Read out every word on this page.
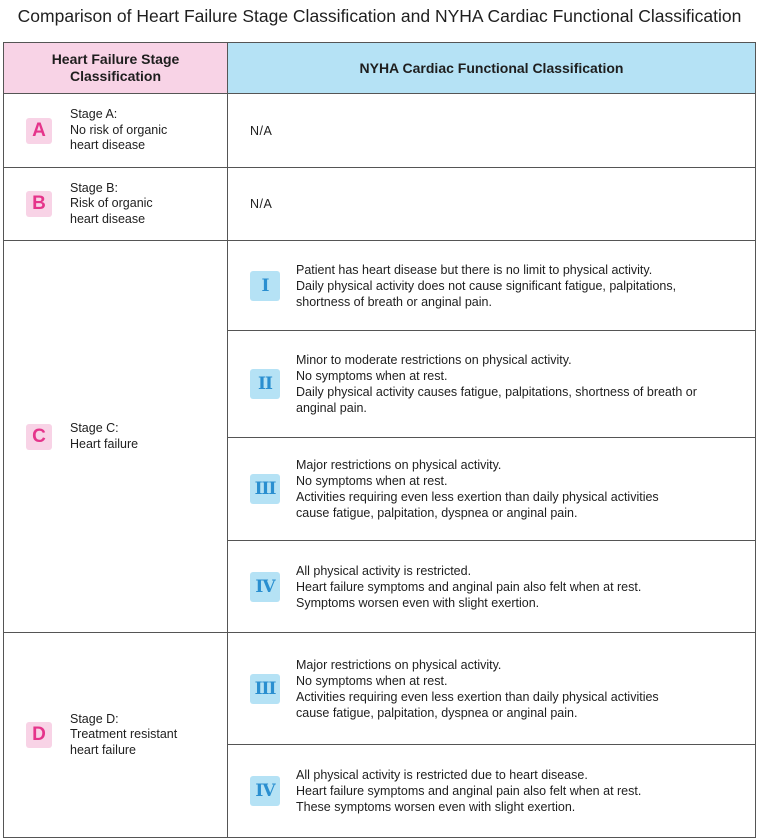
Comparison of Heart Failure Stage Classification and NYHA Cardiac Functional Classification
Heart Failure Stage Classification	NYHA Cardiac Functional Classification
A
Stage A:
No risk of organic
heart disease
N/A
B
Stage B:
Risk of organic
heart disease
N/A
C	Stage C:
Heart failure
I
Patient has heart disease but there is no limit to physical activity.
Daily physical activity does not cause significant fatigue, palpitations,
shortness of breath or anginal pain.
II
Minor to moderate restrictions on physical activity.
No symptoms when at rest.
Daily physical activity causes fatigue, palpitations, shortness of breath or
anginal pain.
III
Major restrictions on physical activity.
No symptoms when at rest.
Activities requiring even less exertion than daily physical activities
cause fatigue, palpitation, dyspnea or anginal pain.
IV
All physical activity is restricted.
Heart failure symptoms and anginal pain also felt when at rest.
Symptoms worsen even with slight exertion.
D
Stage D:
Treatment resistant
heart failure
III
Major restrictions on physical activity.
No symptoms when at rest.
Activities requiring even less exertion than daily physical activities
cause fatigue, palpitation, dyspnea or anginal pain.
IV
All physical activity is restricted due to heart disease.
Heart failure symptoms and anginal pain also felt when at rest.
These symptoms worsen even with slight exertion.
